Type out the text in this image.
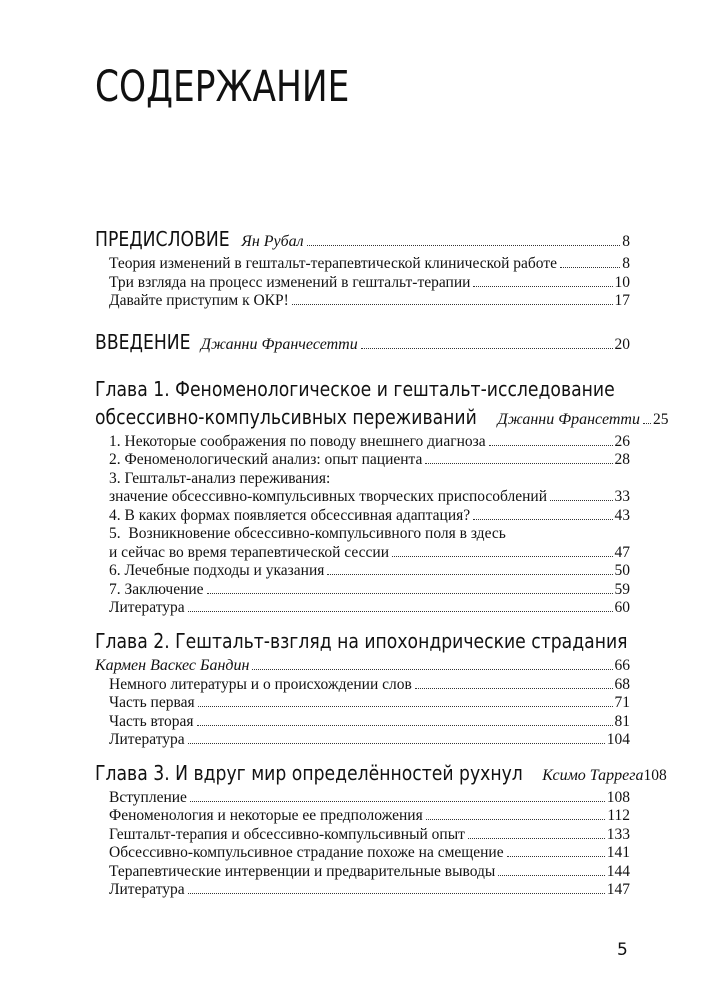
СОДЕРЖАНИЕ
ПРЕДИСЛОВИЕ Ян Рубал	8
Теория изменений в гештальт-терапевтической клинической работе	8
Три взгляда на процесс изменений в гештальт-терапии	10
Давайте приступим к ОКР!	17
ВВЕДЕНИЕ Джанни Франчесетти	20
Глава 1. Феноменологическое и гештальт-исследование
обсессивно-компульсивных переживаний Джанни Франсетти 25
1. Некоторые соображения по поводу внешнего диагноза	26
2. Феноменологический анализ: опыт пациента	28
3. Гештальт-анализ переживания:
значение обсессивно-компульсивных творческих приспособлений	33
4. В каких формах появляется обсессивная адаптация?	43
5.  Возникновение обсессивно-компульсивного поля в здесь
и сейчас во время терапевтической сессии	47
6. Лечебные подходы и указания	50
7. Заключение	59
Литература	60
Глава 2. Гештальт-взгляд на ипохондрические страдания
Кармен Васкес Бандин	66
Немного литературы и о происхождении слов	68
Часть первая	71
Часть вторая	81
Литература	104
Глава 3. И вдруг мир определённостей рухнул Ксимо Таррега 108
Вступление	108
Феноменология и некоторые ее предположения	112
Гештальт-терапия и обсессивно-компульсивный опыт	133
Обсессивно-компульсивное страдание похоже на смещение	141
Терапевтические интервенции и предварительные выводы	144
Литература	147
5
